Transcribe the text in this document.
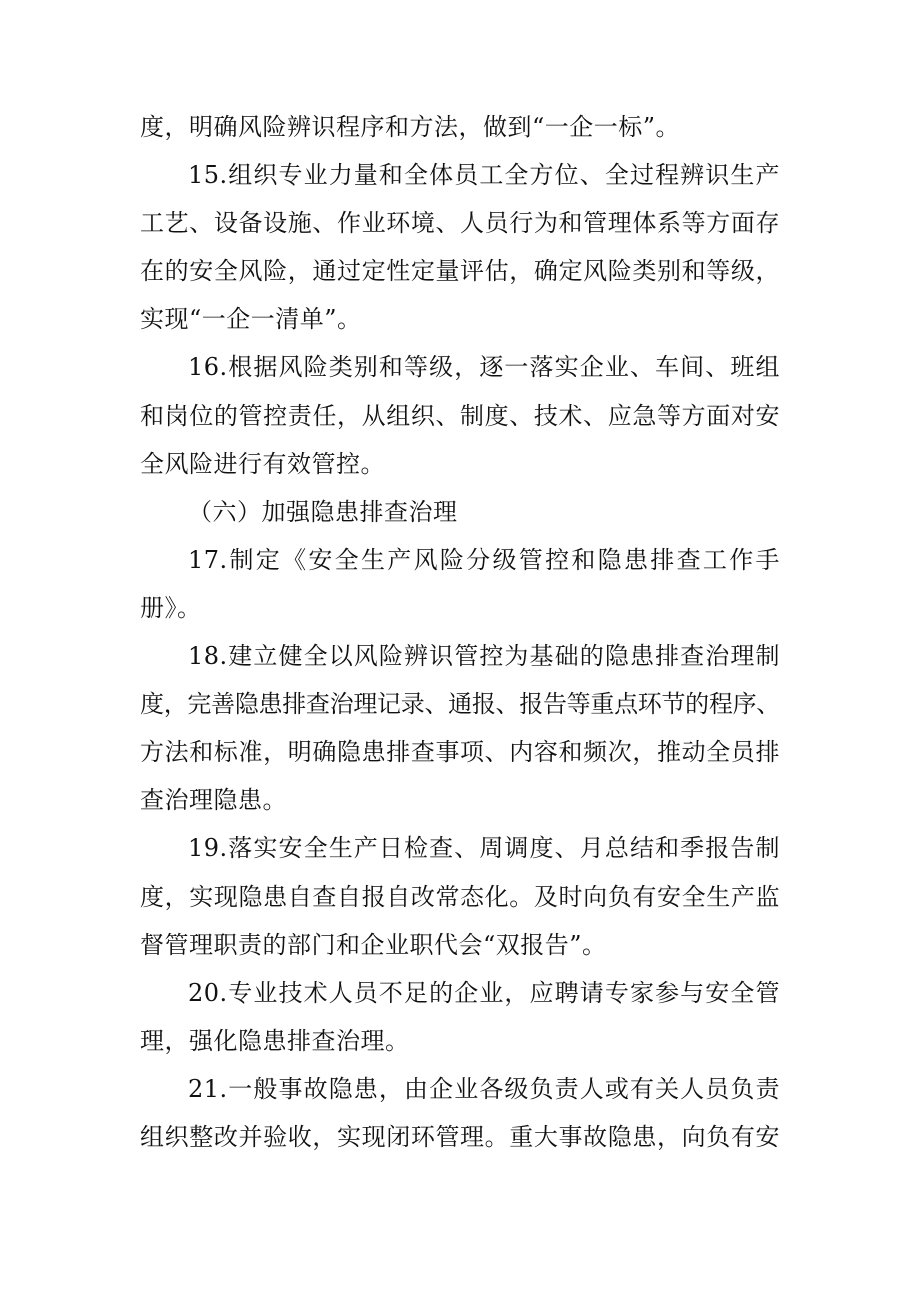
度，明确风险辨识程序和方法，做到“一企一标”。
15.组织专业力量和全体员工全方位、全过程辨识生产
工艺、设备设施、作业环境、人员行为和管理体系等方面存
在的安全风险，通过定性定量评估，确定风险类别和等级，
实现“一企一清单”。
16.根据风险类别和等级，逐一落实企业、车间、班组
和岗位的管控责任，从组织、制度、技术、应急等方面对安
全风险进行有效管控。
（六）加强隐患排查治理
17.制定《安全生产风险分级管控和隐患排查工作手
册》。
18.建立健全以风险辨识管控为基础的隐患排查治理制
度，完善隐患排查治理记录、通报、报告等重点环节的程序、
方法和标准，明确隐患排查事项、内容和频次，推动全员排
查治理隐患。
19.落实安全生产日检查、周调度、月总结和季报告制
度，实现隐患自查自报自改常态化。及时向负有安全生产监
督管理职责的部门和企业职代会“双报告”。
20.专业技术人员不足的企业，应聘请专家参与安全管
理，强化隐患排查治理。
21.一般事故隐患，由企业各级负责人或有关人员负责
组织整改并验收，实现闭环管理。重大事故隐患，向负有安
